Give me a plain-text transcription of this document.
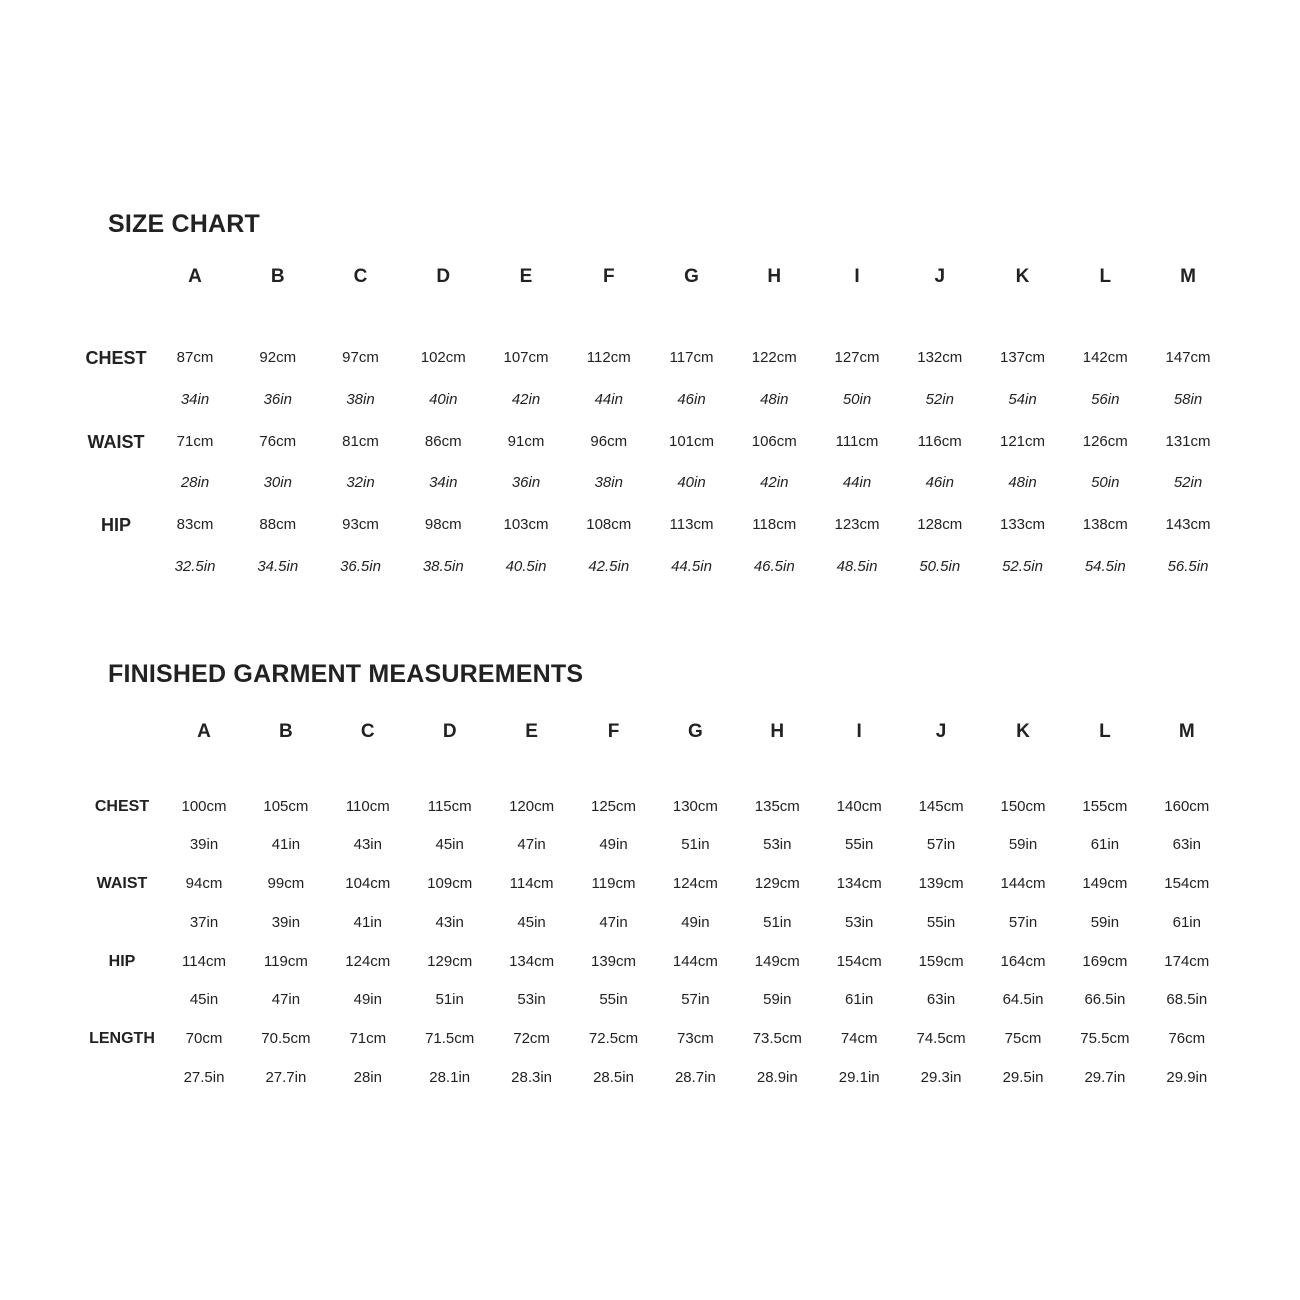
SIZE CHART
A	B	C	D	E	F	G	H	I	J	K	L	M
CHEST	87cm	92cm	97cm	102cm	107cm	112cm	117cm	122cm	127cm	132cm	137cm	142cm	147cm
34in	36in	38in	40in	42in	44in	46in	48in	50in	52in	54in	56in	58in
WAIST	71cm	76cm	81cm	86cm	91cm	96cm	101cm	106cm	111cm	116cm	121cm	126cm	131cm
28in	30in	32in	34in	36in	38in	40in	42in	44in	46in	48in	50in	52in
HIP	83cm	88cm	93cm	98cm	103cm	108cm	113cm	118cm	123cm	128cm	133cm	138cm	143cm
32.5in	34.5in	36.5in	38.5in	40.5in	42.5in	44.5in	46.5in	48.5in	50.5in	52.5in	54.5in	56.5in
FINISHED GARMENT MEASUREMENTS
A	B	C	D	E	F	G	H	I	J	K	L	M
CHEST	100cm	105cm	110cm	115cm	120cm	125cm	130cm	135cm	140cm	145cm	150cm	155cm	160cm
39in	41in	43in	45in	47in	49in	51in	53in	55in	57in	59in	61in	63in
WAIST	94cm	99cm	104cm	109cm	114cm	119cm	124cm	129cm	134cm	139cm	144cm	149cm	154cm
37in	39in	41in	43in	45in	47in	49in	51in	53in	55in	57in	59in	61in
HIP	114cm	119cm	124cm	129cm	134cm	139cm	144cm	149cm	154cm	159cm	164cm	169cm	174cm
45in	47in	49in	51in	53in	55in	57in	59in	61in	63in	64.5in	66.5in	68.5in
LENGTH	70cm	70.5cm	71cm	71.5cm	72cm	72.5cm	73cm	73.5cm	74cm	74.5cm	75cm	75.5cm	76cm
27.5in	27.7in	28in	28.1in	28.3in	28.5in	28.7in	28.9in	29.1in	29.3in	29.5in	29.7in	29.9in
